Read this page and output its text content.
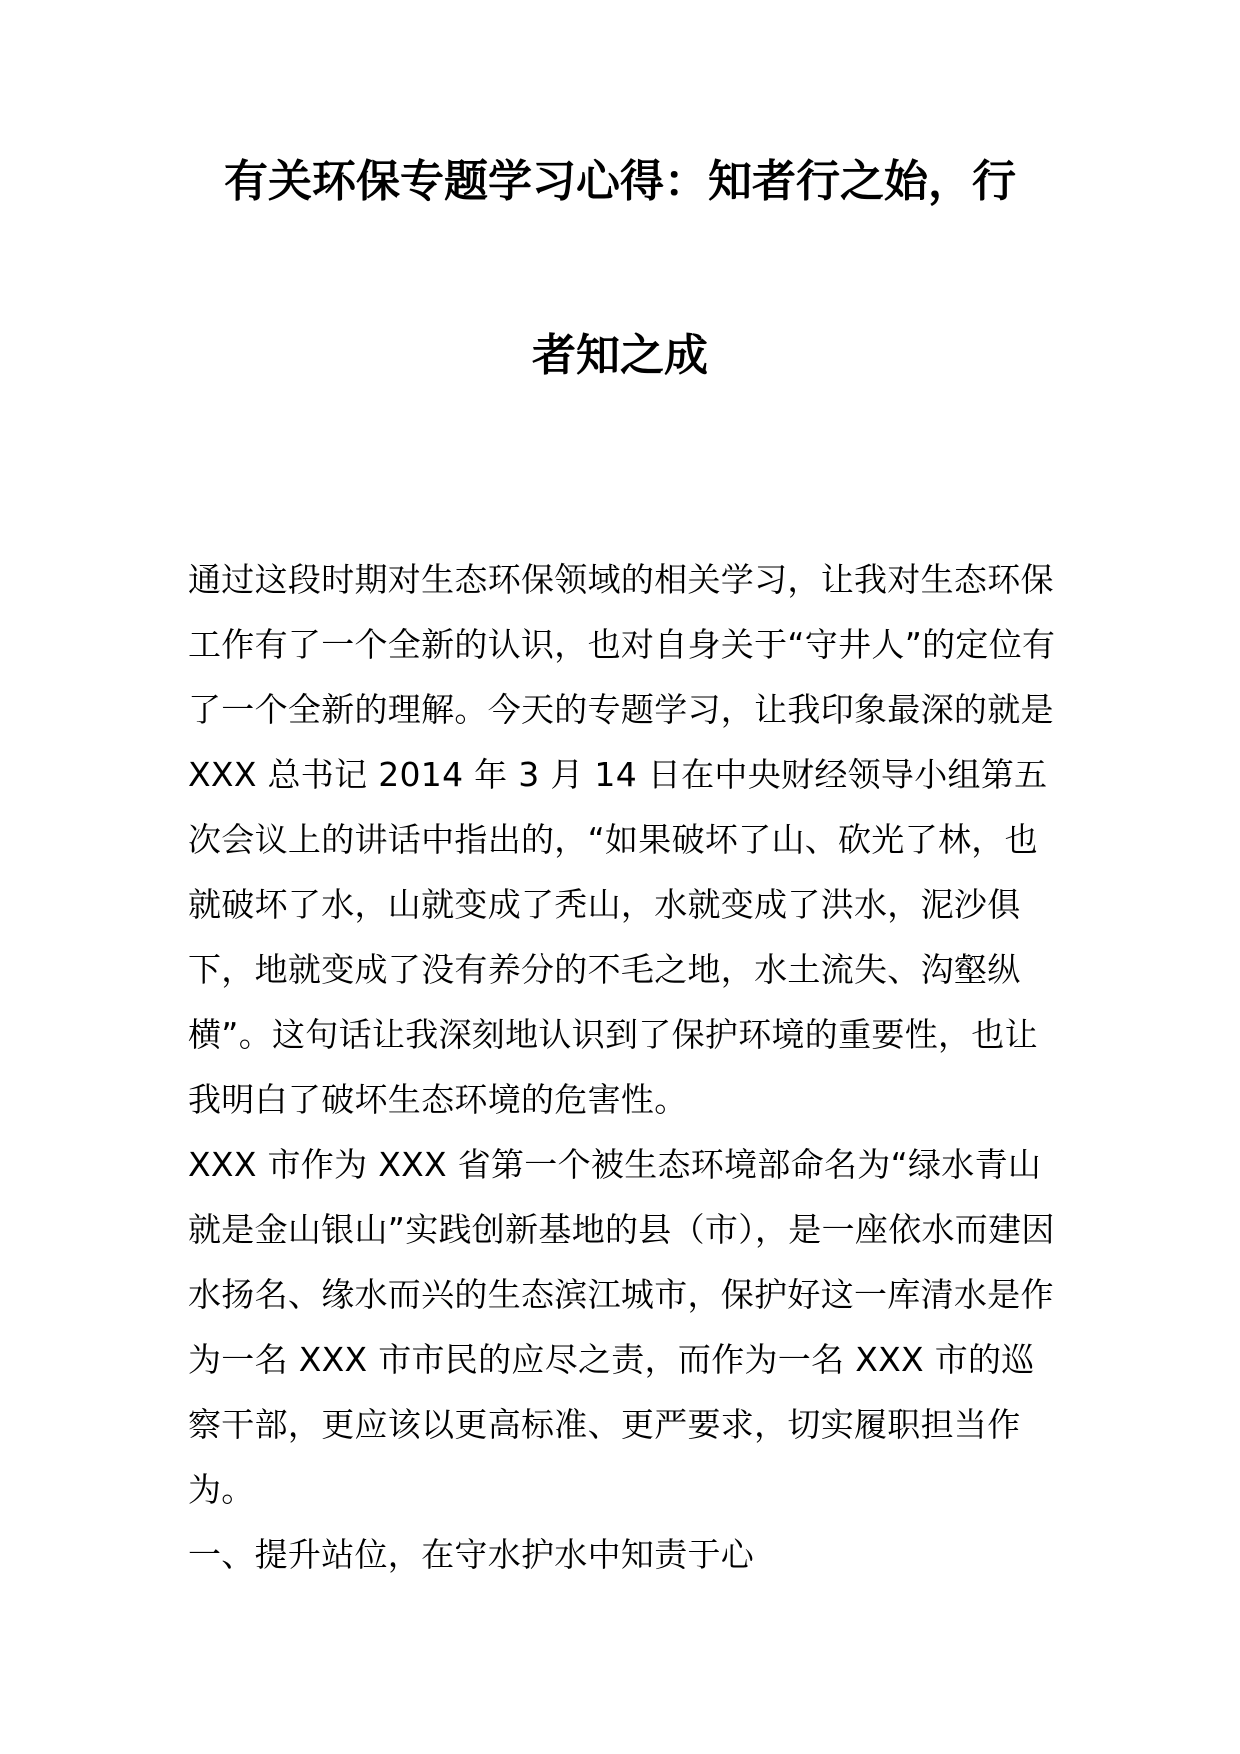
有关环保专题学习心得：知者行之始，行
者知之成

通过这段时期对生态环保领域的相关学习，让我对生态环保工作有了一个全新的认识，也对自身关于“守井人”的定位有了一个全新的理解。今天的专题学习，让我印象最深的就是 XXX 总书记 2014 年 3 月 14 日在中央财经领导小组第五次会议上的讲话中指出的，“如果破坏了山、砍光了林，也就破坏了水，山就变成了秃山，水就变成了洪水，泥沙俱下，地就变成了没有养分的不毛之地，水土流失、沟壑纵横”。这句话让我深刻地认识到了保护环境的重要性，也让我明白了破坏生态环境的危害性。

XXX 市作为 XXX 省第一个被生态环境部命名为“绿水青山就是金山银山”实践创新基地的县（市），是一座依水而建因水扬名、缘水而兴的生态滨江城市，保护好这一库清水是作为一名 XXX 市市民的应尽之责，而作为一名 XXX 市的巡察干部，更应该以更高标准、更严要求，切实履职担当作为。

一、提升站位，在守水护水中知责于心
